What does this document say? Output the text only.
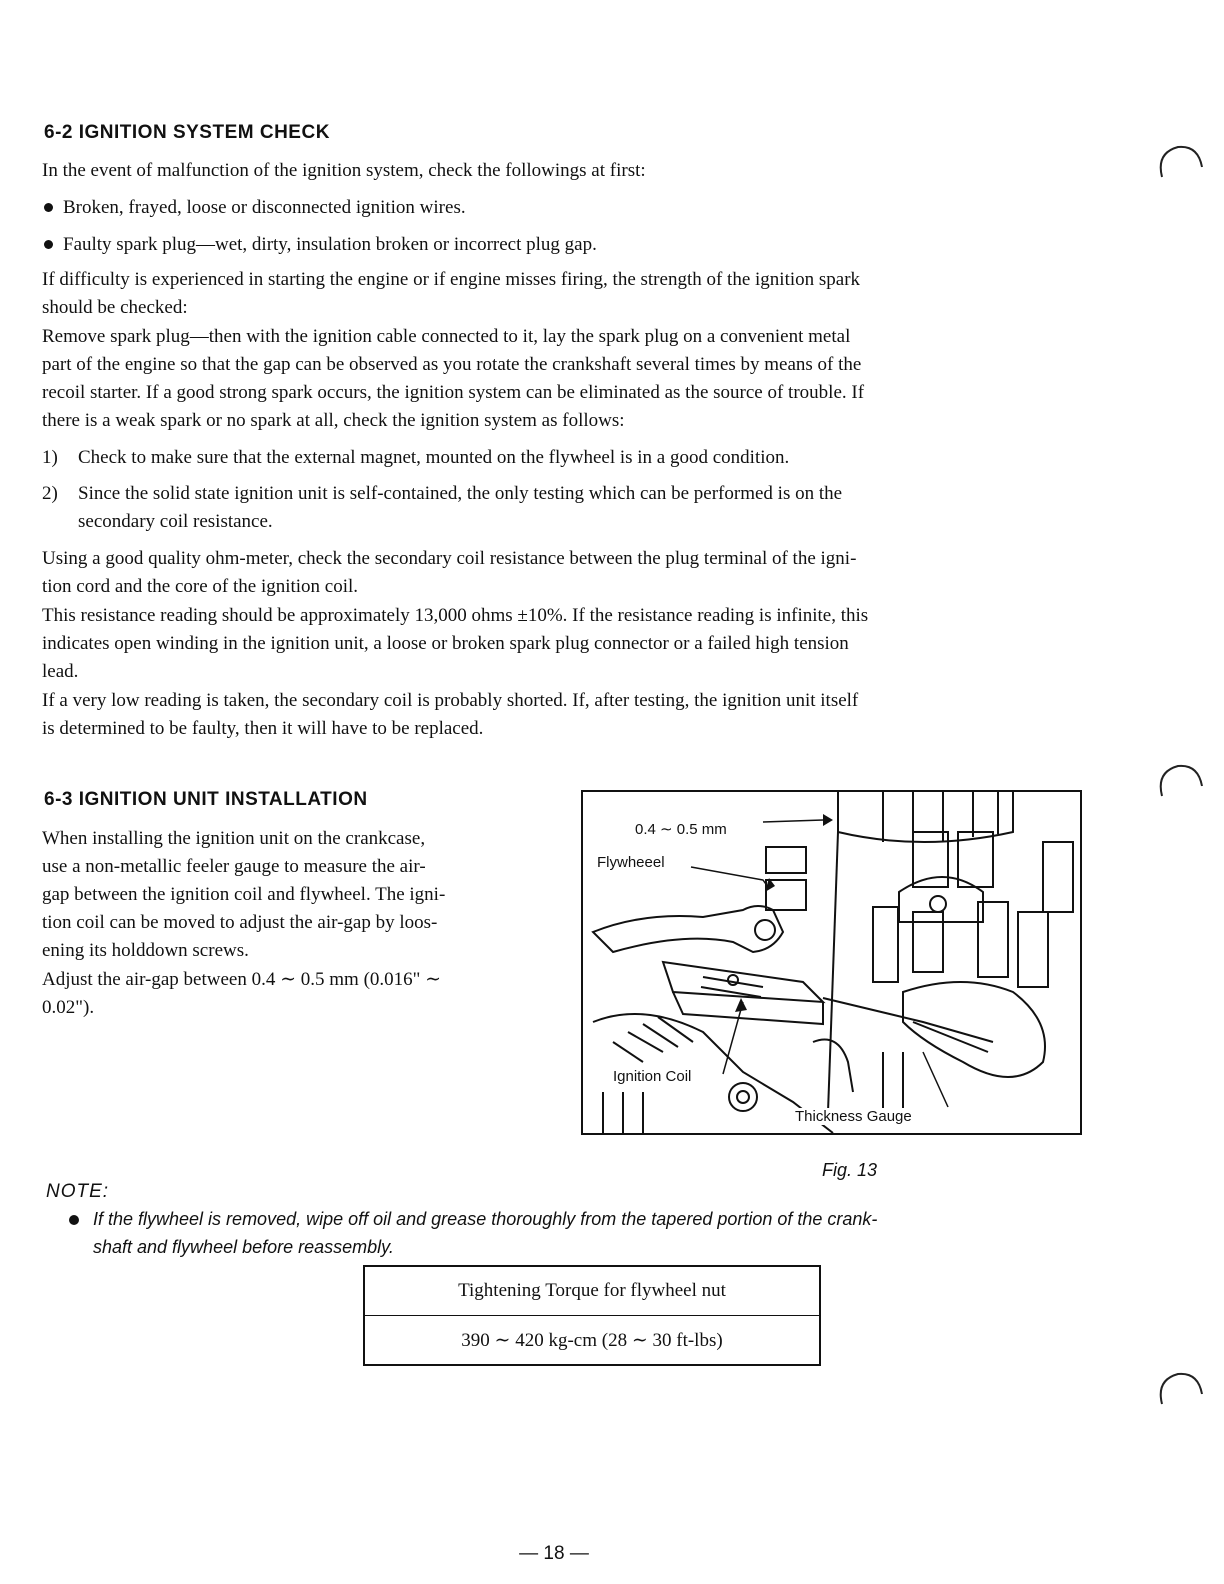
6-2 IGNITION SYSTEM CHECK

In the event of malfunction of the ignition system, check the followings at first:

Broken, frayed, loose or disconnected ignition wires.

Faulty spark plug—wet, dirty, insulation broken or incorrect plug gap.

If difficulty is experienced in starting the engine or if engine misses firing, the strength of the ignition spark

should be checked:

Remove spark plug—then with the ignition cable connected to it, lay the spark plug on a convenient metal

part of the engine so that the gap can be observed as you rotate the crankshaft several times by means of the

recoil starter. If a good strong spark occurs, the ignition system can be eliminated as the source of trouble. If

there is a weak spark or no spark at all, check the ignition system as follows:

1) Check to make sure that the external magnet, mounted on the flywheel is in a good condition.

2) Since the solid state ignition unit is self-contained, the only testing which can be performed is on the

secondary coil resistance.

Using a good quality ohm-meter, check the secondary coil resistance between the plug terminal of the igni-

tion cord and the core of the ignition coil.

This resistance reading should be approximately 13,000 ohms ±10%. If the resistance reading is infinite, this

indicates open winding in the ignition unit, a loose or broken spark plug connector or a failed high tension

lead.

If a very low reading is taken, the secondary coil is probably shorted. If, after testing, the ignition unit itself

is determined to be faulty, then it will have to be replaced.

6-3 IGNITION UNIT INSTALLATION

When installing the ignition unit on the crankcase,

use a non-metallic feeler gauge to measure the air-

gap between the ignition coil and flywheel. The igni-

tion coil can be moved to adjust the air-gap by loos-

ening its holddown screws.

Adjust the air-gap between 0.4 ∼ 0.5 mm (0.016" ∼

0.02").

0.4 ∼ 0.5 mm
Flywheeel
Ignition Coil
Thickness Gauge
Fig. 13
NOTE:
If the flywheel is removed, wipe off oil and grease thoroughly from the tapered portion of the crank-
shaft and flywheel before reassembly.
Tightening Torque for flywheel nut
390 ∼ 420 kg-cm (28 ∼ 30 ft-lbs)
— 18 —
